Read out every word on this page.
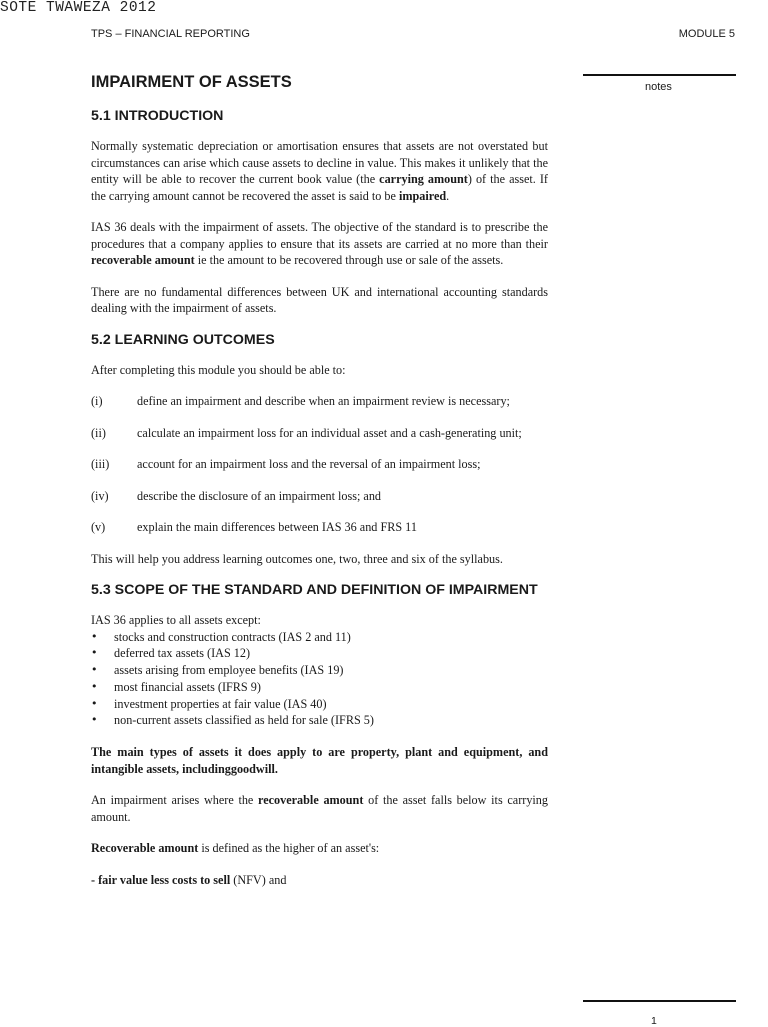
SOTE TWAWEZA 2012
TPS – FINANCIAL REPORTING	MODULE 5
notes
1
IMPAIRMENT OF ASSETS
5.1 INTRODUCTION

Normally systematic depreciation or amortisation ensures that assets are not overstated but circumstances can arise which cause assets to decline in value. This makes it unlikely that the entity will be able to recover the current book value (the carrying amount) of the asset. If the carrying amount cannot be recovered the asset is said to be impaired.

IAS 36 deals with the impairment of assets. The objective of the standard is to prescribe the procedures that a company applies to ensure that its assets are carried at no more than their recoverable amount ie the amount to be recovered through use or sale of the assets.

There are no fundamental differences between UK and international accounting standards dealing with the impairment of assets.

5.2 LEARNING OUTCOMES

After completing this module you should be able to:

(i)	define an impairment and describe when an impairment review is necessary;
(ii)	calculate an impairment loss for an individual asset and a cash-generating unit;
(iii)	account for an impairment loss and the reversal of an impairment loss;
(iv)	describe the disclosure of an impairment loss; and
(v)	explain the main differences between IAS 36 and FRS 11

This will help you address learning outcomes one, two, three and six of the syllabus.

5.3 SCOPE OF THE STANDARD AND DEFINITION OF IMPAIRMENT

IAS 36 applies to all assets except:

•	stocks and construction contracts (IAS 2 and 11)
•	deferred tax assets (IAS 12)
•	assets arising from employee benefits (IAS 19)
•	most financial assets (IFRS 9)
•	investment properties at fair value (IAS 40)
•	non-current assets classified as held for sale (IFRS 5)

The main types of assets it does apply to are property, plant and equipment, and intangible assets, includinggoodwill.

An impairment arises where the recoverable amount of the asset falls below its carrying amount.

Recoverable amount is defined as the higher of an asset's:

- fair value less costs to sell (NFV) and
